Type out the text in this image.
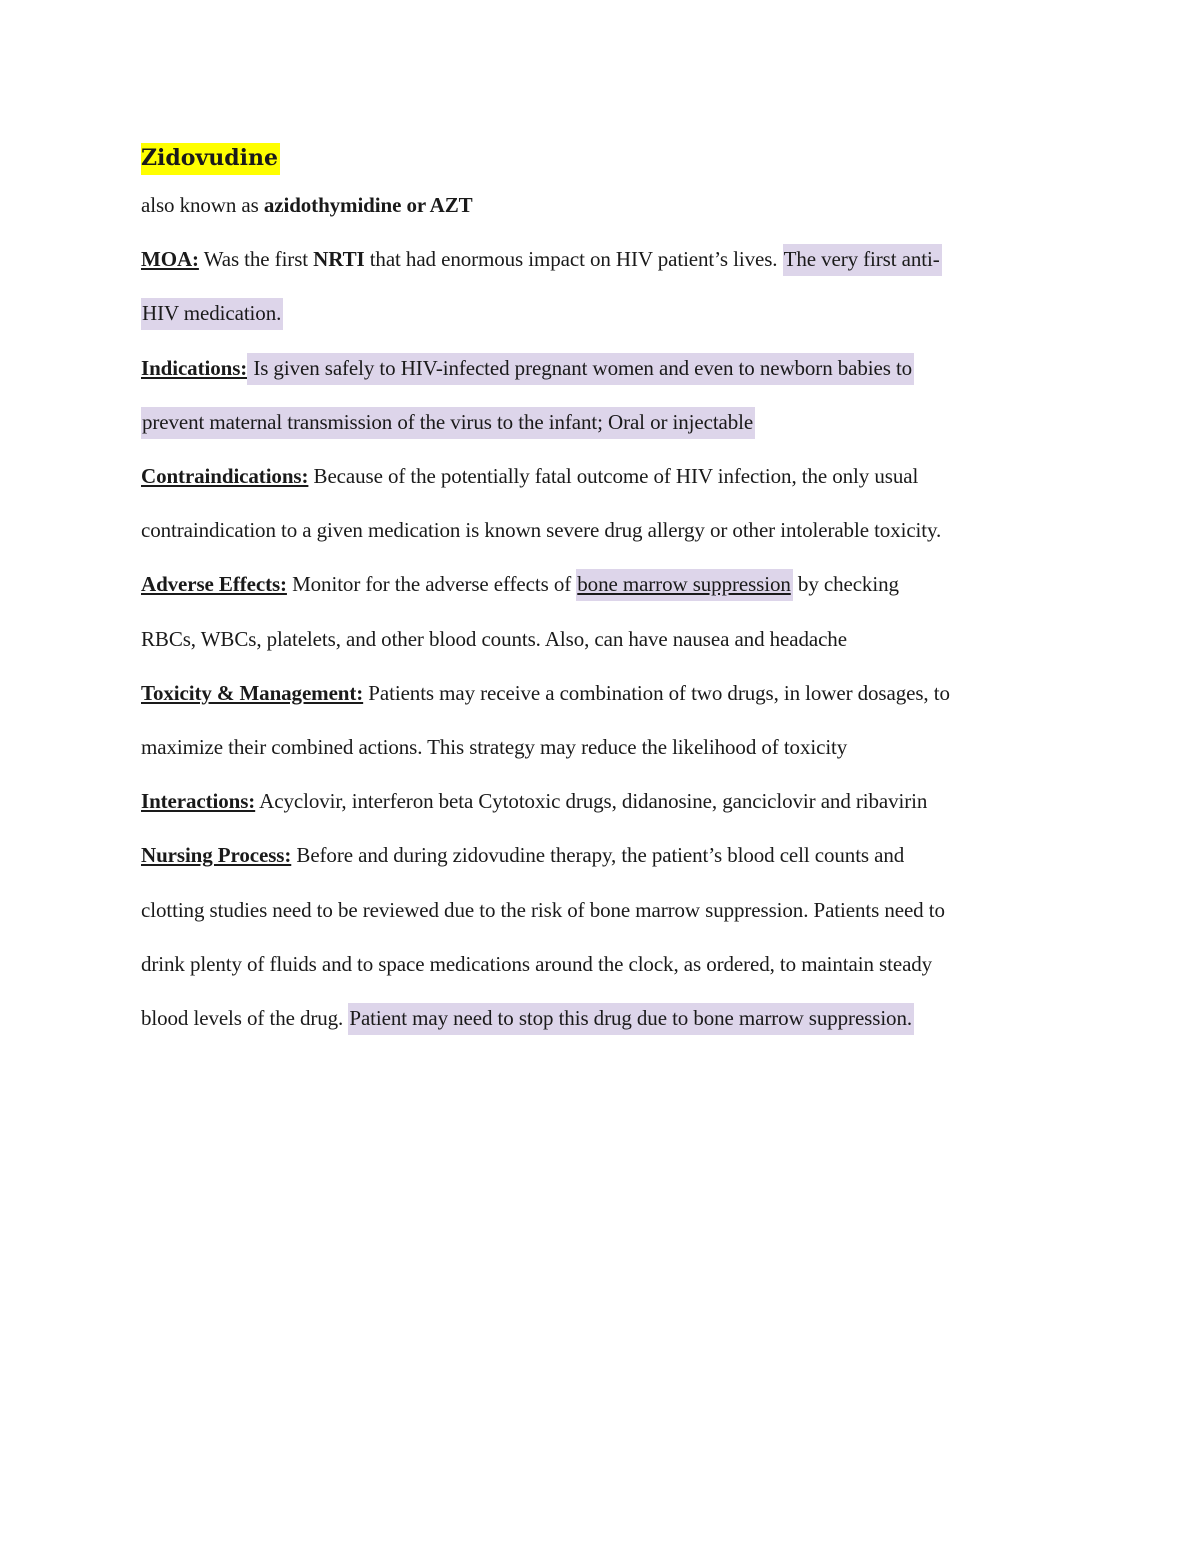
Zidovudine
also known as azidothymidine or AZT
MOA: Was the first NRTI that had enormous impact on HIV patient’s lives. The very first anti-
HIV medication.
Indications: Is given safely to HIV-infected pregnant women and even to newborn babies to
prevent maternal transmission of the virus to the infant; Oral or injectable
Contraindications: Because of the potentially fatal outcome of HIV infection, the only usual
contraindication to a given medication is known severe drug allergy or other intolerable toxicity.
Adverse Effects: Monitor for the adverse effects of bone marrow suppression by checking
RBCs, WBCs, platelets, and other blood counts. Also, can have nausea and headache
Toxicity & Management: Patients may receive a combination of two drugs, in lower dosages, to
maximize their combined actions. This strategy may reduce the likelihood of toxicity
Interactions: Acyclovir, interferon beta Cytotoxic drugs, didanosine, ganciclovir and ribavirin
Nursing Process: Before and during zidovudine therapy, the patient’s blood cell counts and
clotting studies need to be reviewed due to the risk of bone marrow suppression. Patients need to
drink plenty of fluids and to space medications around the clock, as ordered, to maintain steady
blood levels of the drug. Patient may need to stop this drug due to bone marrow suppression.
